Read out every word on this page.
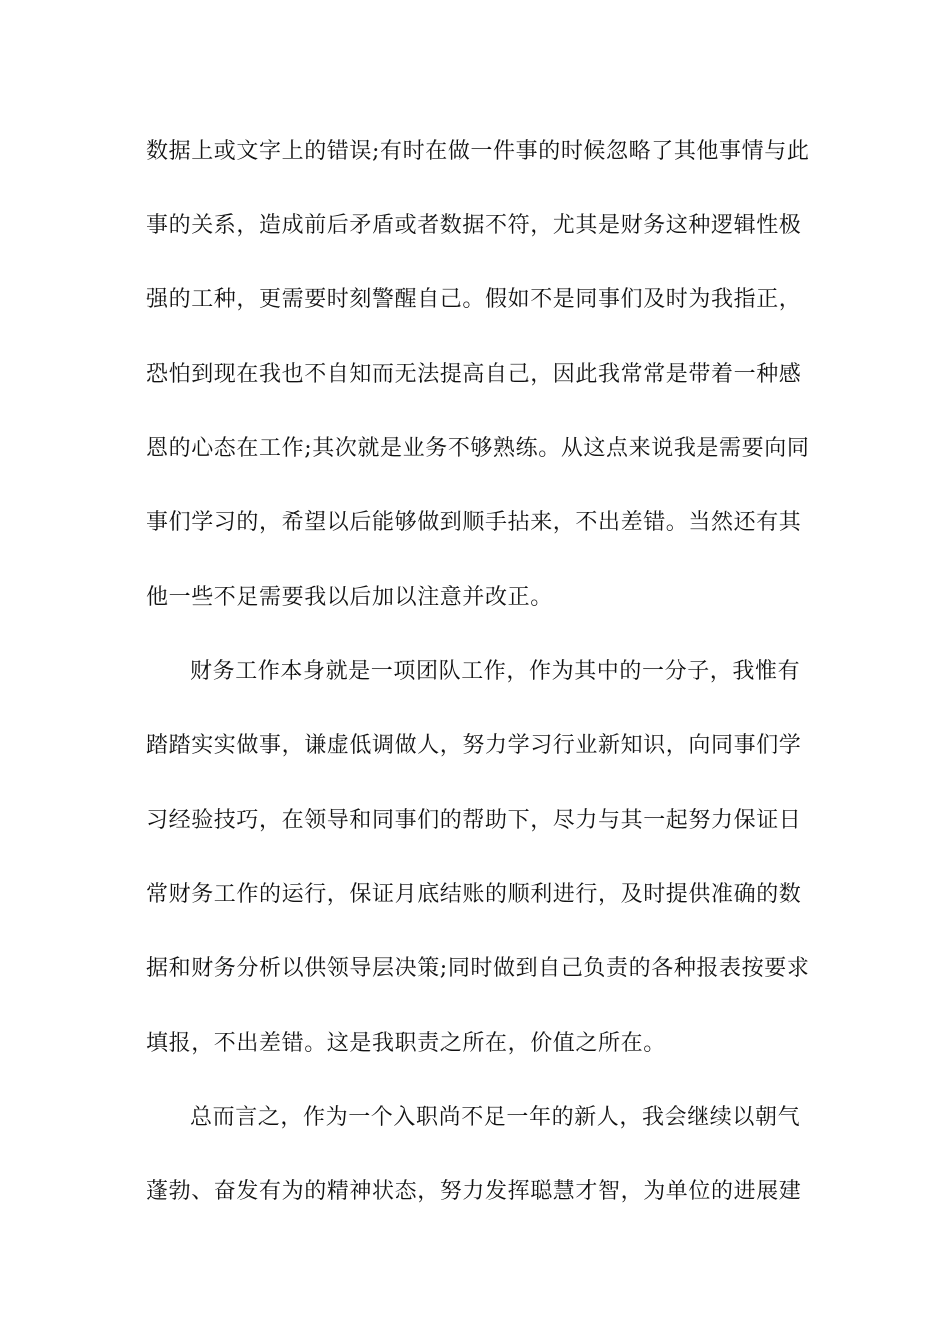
数据上或文字上的错误;有时在做一件事的时候忽略了其他事情与此
事的关系，造成前后矛盾或者数据不符，尤其是财务这种逻辑性极
强的工种，更需要时刻警醒自己。假如不是同事们及时为我指正，
恐怕到现在我也不自知而无法提高自己，因此我常常是带着一种感
恩的心态在工作;其次就是业务不够熟练。从这点来说我是需要向同
事们学习的，希望以后能够做到顺手拈来，不出差错。当然还有其
他一些不足需要我以后加以注意并改正。
财务工作本身就是一项团队工作，作为其中的一分子，我惟有
踏踏实实做事，谦虚低调做人，努力学习行业新知识，向同事们学
习经验技巧，在领导和同事们的帮助下，尽力与其一起努力保证日
常财务工作的运行，保证月底结账的顺利进行，及时提供准确的数
据和财务分析以供领导层决策;同时做到自己负责的各种报表按要求
填报，不出差错。这是我职责之所在，价值之所在。
总而言之，作为一个入职尚不足一年的新人，我会继续以朝气
蓬勃、奋发有为的精神状态，努力发挥聪慧才智，为单位的进展建
